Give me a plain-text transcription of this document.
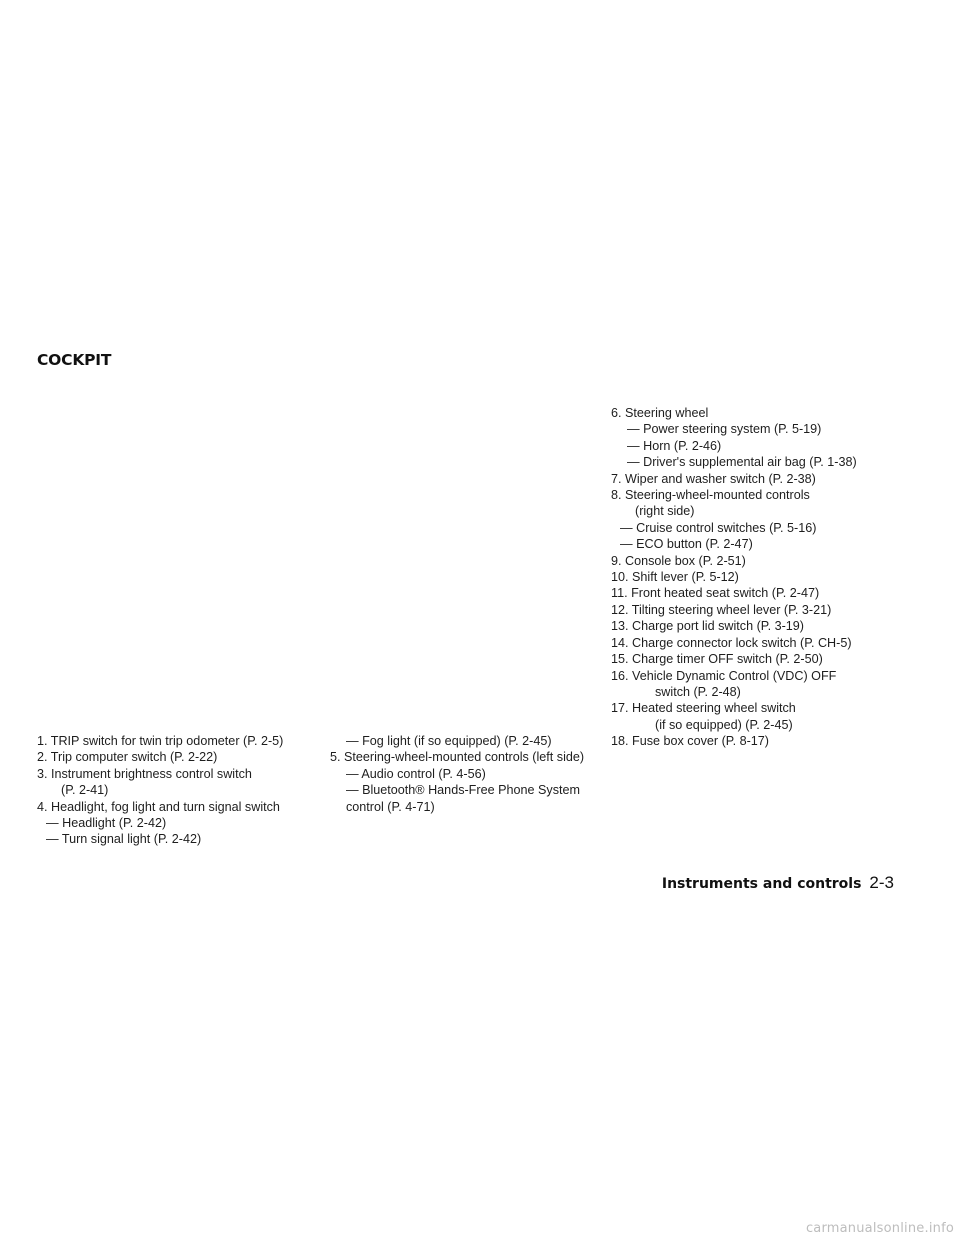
COCKPIT
1. TRIP switch for twin trip odometer (P. 2-5)
2. Trip computer switch (P. 2-22)
3. Instrument brightness control switch
(P. 2-41)
4. Headlight, fog light and turn signal switch
— Headlight (P. 2-42)
— Turn signal light (P. 2-42)
— Fog light (if so equipped) (P. 2-45)
5. Steering-wheel-mounted controls (left side)
— Audio control (P. 4-56)
— Bluetooth® Hands-Free Phone System
control (P. 4-71)
6. Steering wheel
— Power steering system (P. 5-19)
— Horn (P. 2-46)
— Driver's supplemental air bag (P. 1-38)
7. Wiper and washer switch (P. 2-38)
8. Steering-wheel-mounted controls
(right side)
— Cruise control switches (P. 5-16)
— ECO button (P. 2-47)
9. Console box (P. 2-51)
10. Shift lever (P. 5-12)
11. Front heated seat switch (P. 2-47)
12. Tilting steering wheel lever (P. 3-21)
13. Charge port lid switch (P. 3-19)
14. Charge connector lock switch (P. CH-5)
15. Charge timer OFF switch (P. 2-50)
16. Vehicle Dynamic Control (VDC) OFF
switch (P. 2-48)
17. Heated steering wheel switch
(if so equipped) (P. 2-45)
18. Fuse box cover (P. 8-17)
Instruments and controls 2-3
carmanualsonline.info
